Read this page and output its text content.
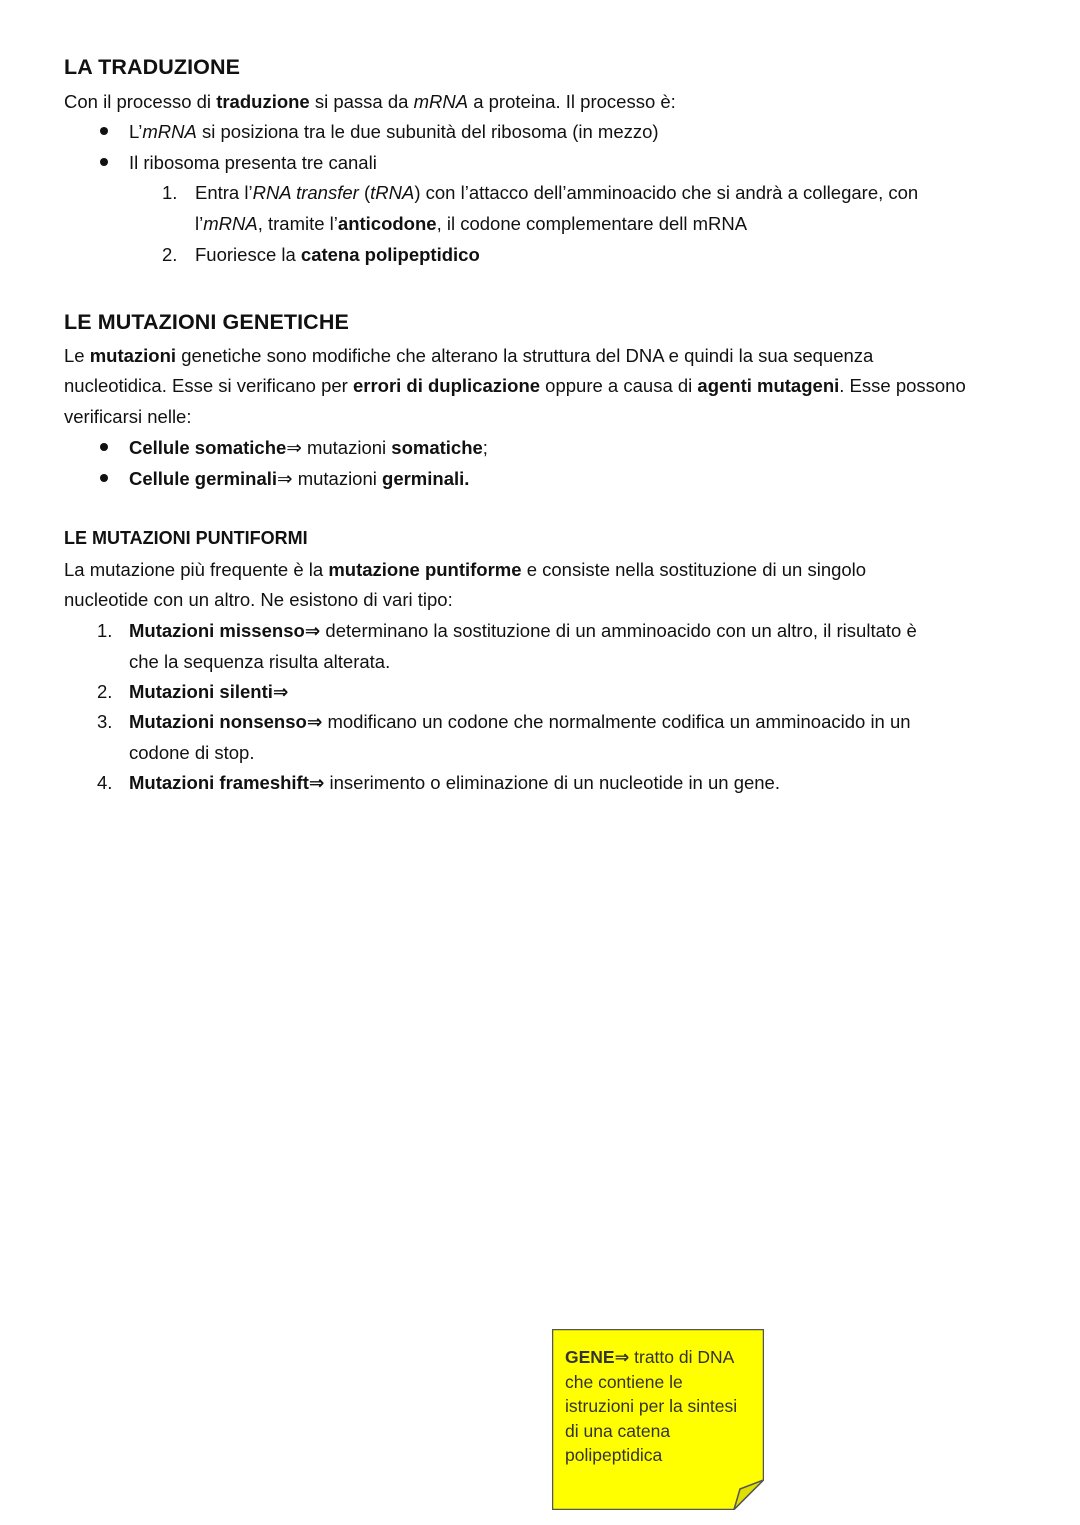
LA TRADUZIONE
Con il processo di traduzione si passa da mRNA a proteina. Il processo è:
L’mRNA si posiziona tra le due subunità del ribosoma (in mezzo)
Il ribosoma presenta tre canali
1. Entra l’RNA transfer (tRNA) con l’attacco dell’amminoacido che si andrà a collegare, con
l’mRNA, tramite l’anticodone, il codone complementare dell mRNA
2. Fuoriesce la catena polipeptidico
LE MUTAZIONI GENETICHE
Le mutazioni genetiche sono modifiche che alterano la struttura del DNA e quindi la sua sequenza
nucleotidica. Esse si verificano per errori di duplicazione oppure a causa di agenti mutageni. Esse possono
verificarsi nelle:
Cellule somatiche⇒ mutazioni somatiche;
Cellule germinali⇒ mutazioni germinali.
LE MUTAZIONI PUNTIFORMI
La mutazione più frequente è la mutazione puntiforme e consiste nella sostituzione di un singolo
nucleotide con un altro. Ne esistono di vari tipo:
1. Mutazioni missenso⇒ determinano la sostituzione di un amminoacido con un altro, il risultato è
che la sequenza risulta alterata.
2. Mutazioni silenti⇒
3. Mutazioni nonsenso⇒ modificano un codone che normalmente codifica un amminoacido in un
codone di stop.
4. Mutazioni frameshift⇒ inserimento o eliminazione di un nucleotide in un gene.
GENE⇒ tratto di DNA che contiene le istruzioni per la sintesi di una catena polipeptidica
